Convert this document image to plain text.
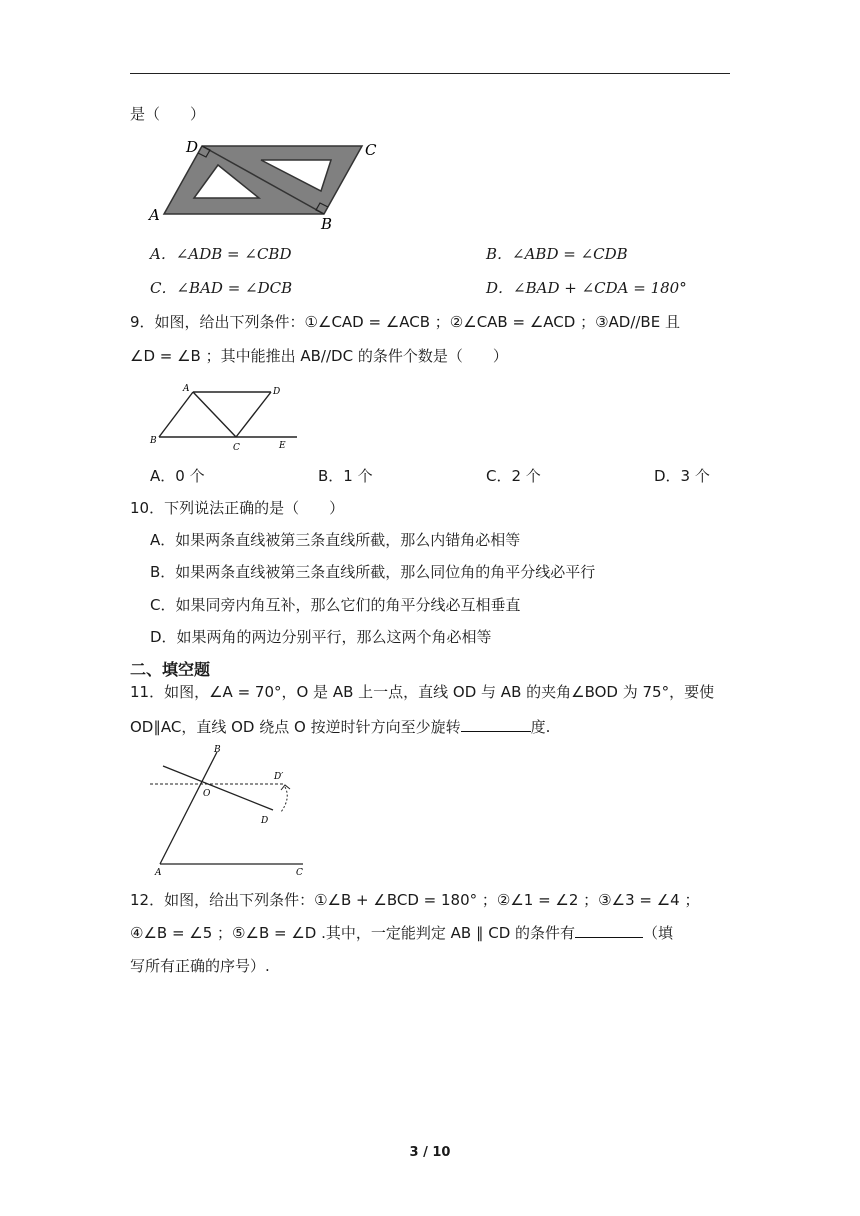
是（　　）
D	C
A	B
A．∠ADB = ∠CBD	B．∠ABD = ∠CDB
C．∠BAD = ∠DCB	D．∠BAD + ∠CDA = 180°
9．如图，给出下列条件：①∠CAD = ∠ACB ；②∠CAB = ∠ACD ；③AD//BE 且
∠D = ∠B ；其中能推出 AB//DC 的条件个数是（　　）
A	D
B
C	E
A．0 个	B．1 个	C．2 个	D．3 个
10．下列说法正确的是（　　）
A．如果两条直线被第三条直线所截，那么内错角必相等
B．如果两条直线被第三条直线所截，那么同位角的角平分线必平行
C．如果同旁内角互补，那么它们的角平分线必互相垂直
D．如果两角的两边分别平行，那么这两个角必相等
二、填空题
11．如图，∠A = 70°，O 是 AB 上一点，直线 OD 与 AB 的夹角∠BOD 为 75°，要使
OD∥AC，直线 OD 绕点 O 按逆时针方向至少旋转	度.
B
D′
O
D
A	C
12．如图，给出下列条件：①∠B + ∠BCD = 180° ；②∠1 = ∠2 ；③∠3 = ∠4 ；
④∠B = ∠5 ；⑤∠B = ∠D .其中，一定能判定 AB ∥ CD 的条件有	（填
写所有正确的序号）.
3 / 10
